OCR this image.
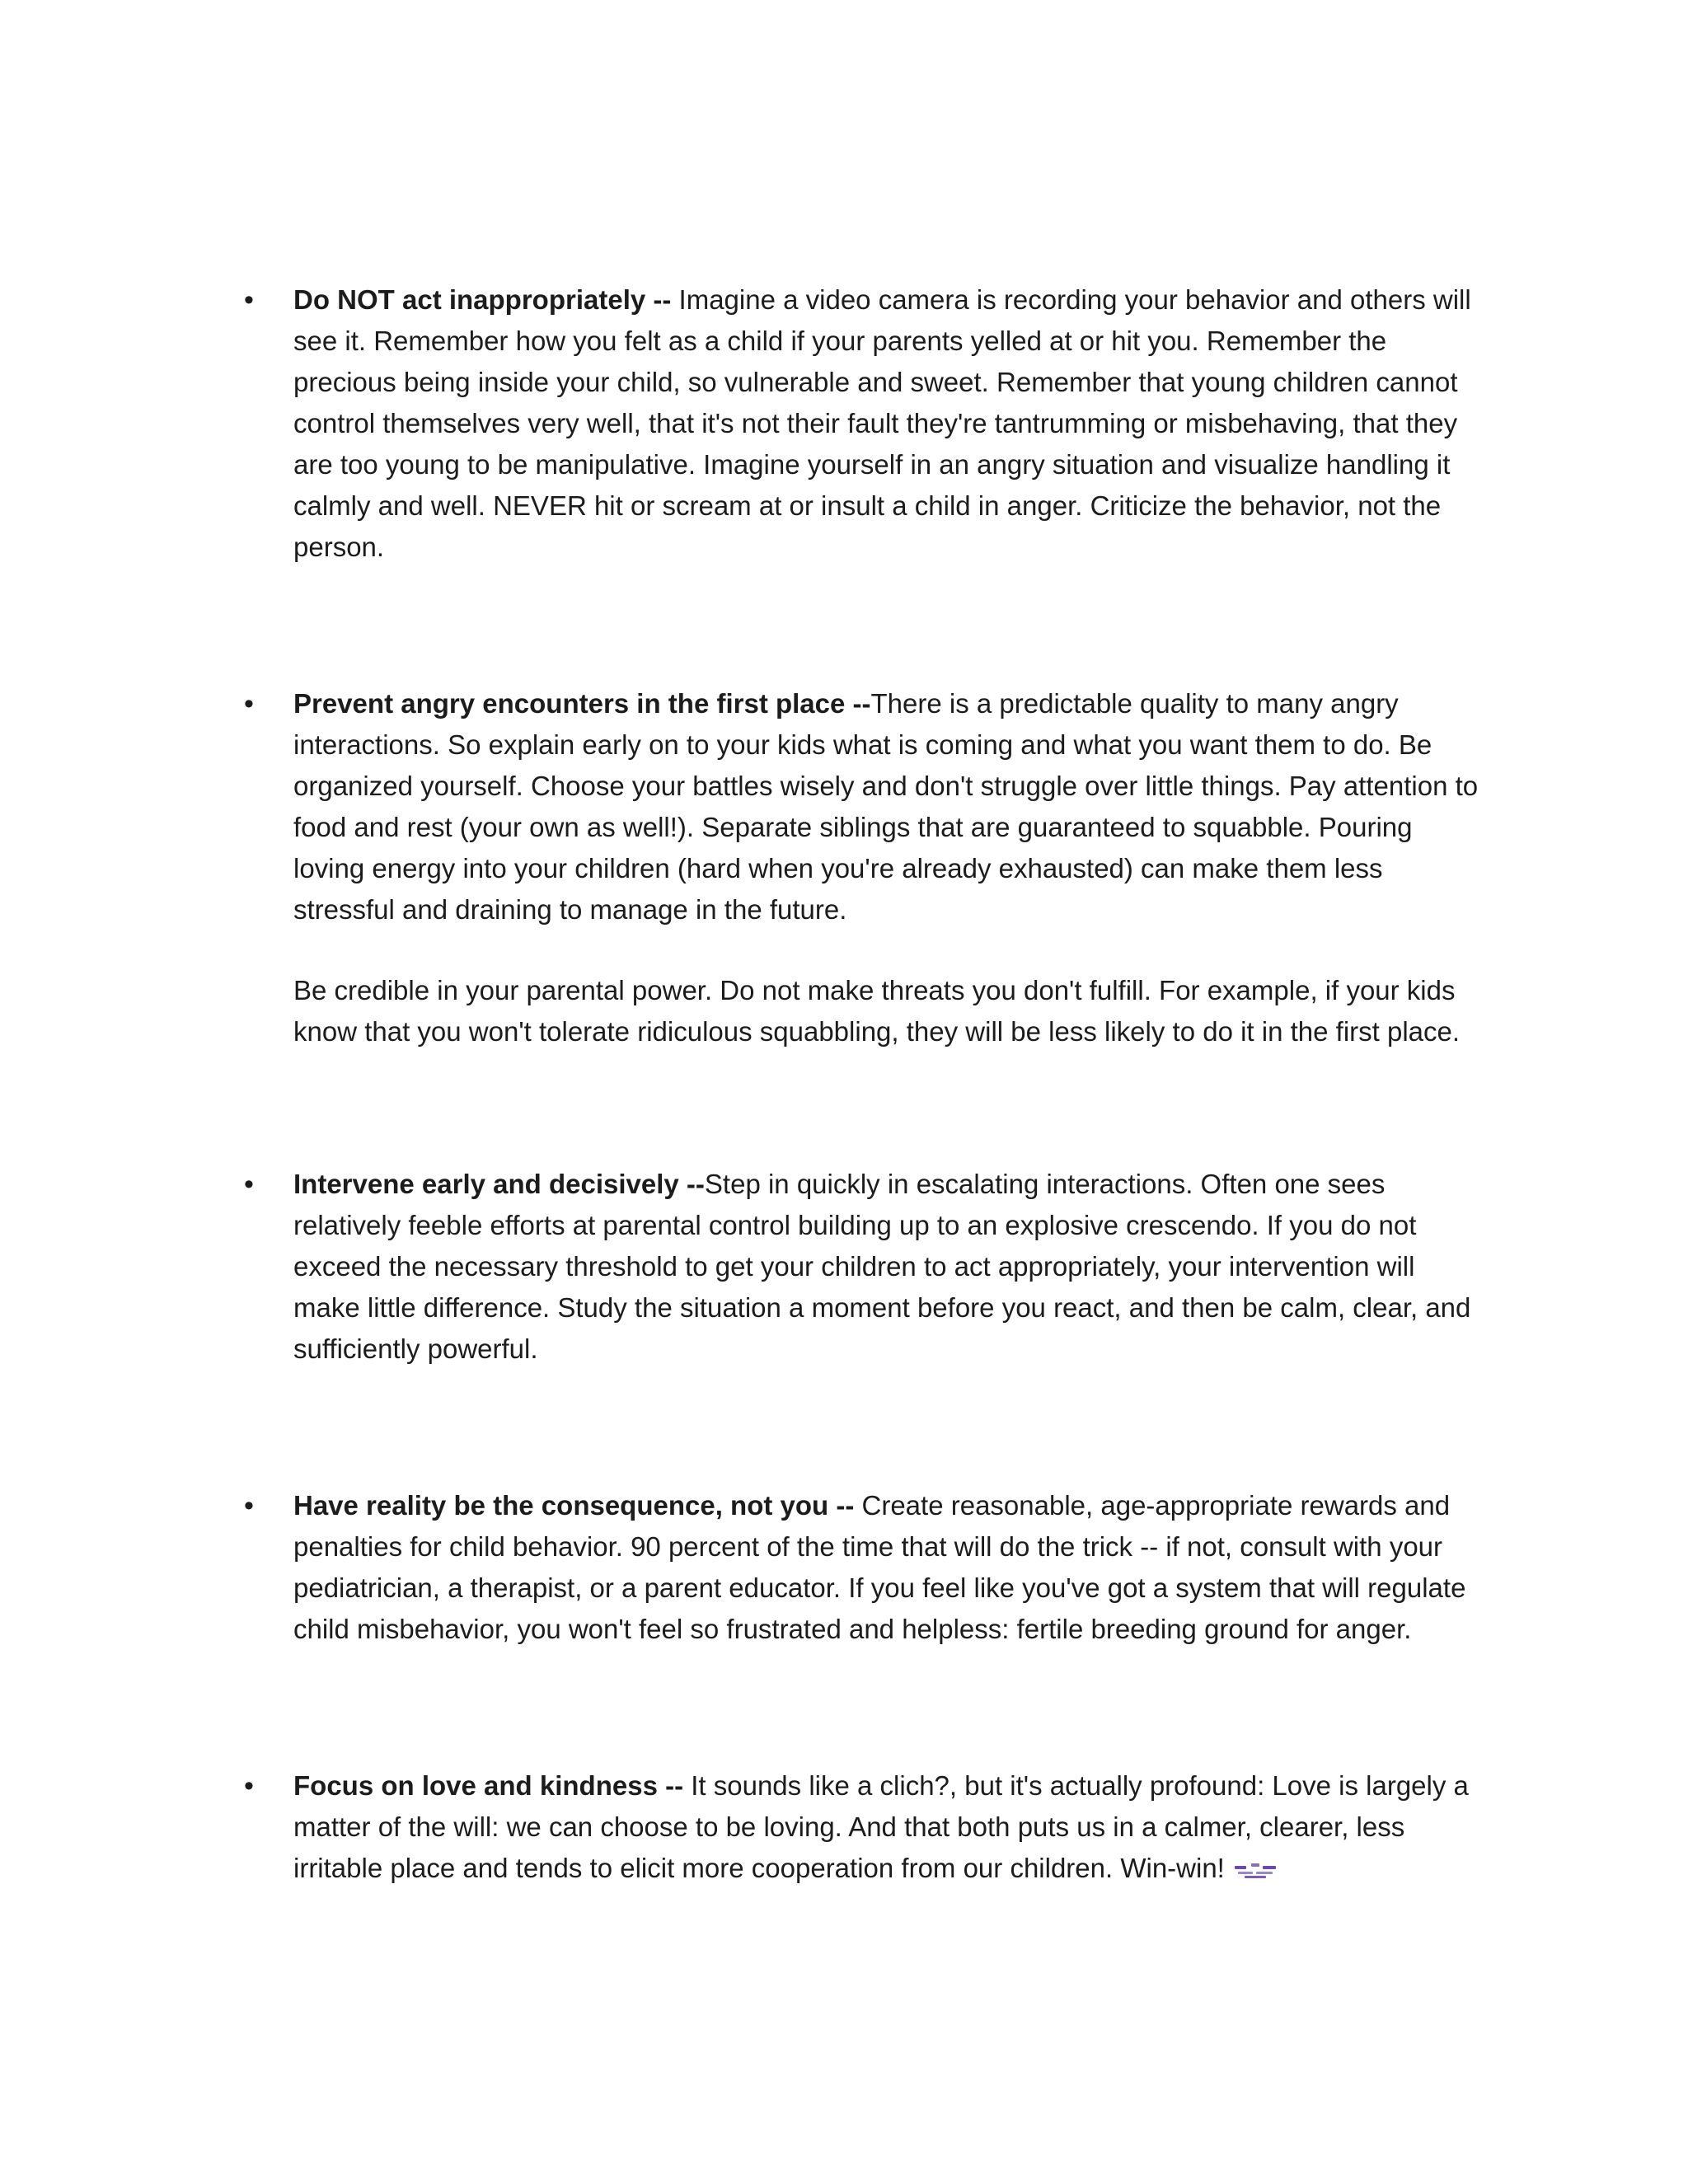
•	Do NOT act inappropriately -- Imagine a video camera is recording your behavior and others will see it. Remember how you felt as a child if your parents yelled at or hit you. Remember the precious being inside your child, so vulnerable and sweet. Remember that young children cannot control themselves very well, that it's not their fault they're tantrumming or misbehaving, that they are too young to be manipulative. Imagine yourself in an angry situation and visualize handling it calmly and well. NEVER hit or scream at or insult a child in anger. Criticize the behavior, not the person.

•	Prevent angry encounters in the first place --There is a predictable quality to many angry interactions. So explain early on to your kids what is coming and what you want them to do. Be organized yourself. Choose your battles wisely and don't struggle over little things. Pay attention to food and rest (your own as well!). Separate siblings that are guaranteed to squabble. Pouring loving energy into your children (hard when you're already exhausted) can make them less stressful and draining to manage in the future.

Be credible in your parental power. Do not make threats you don't fulfill. For example, if your kids know that you won't tolerate ridiculous squabbling, they will be less likely to do it in the first place.

•	Intervene early and decisively --Step in quickly in escalating interactions. Often one sees relatively feeble efforts at parental control building up to an explosive crescendo. If you do not exceed the necessary threshold to get your children to act appropriately, your intervention will make little difference. Study the situation a moment before you react, and then be calm, clear, and sufficiently powerful.

•	Have reality be the consequence, not you -- Create reasonable, age-appropriate rewards and penalties for child behavior. 90 percent of the time that will do the trick -- if not, consult with your pediatrician, a therapist, or a parent educator. If you feel like you've got a system that will regulate child misbehavior, you won't feel so frustrated and helpless: fertile breeding ground for anger.

•	Focus on love and kindness -- It sounds like a clich?, but it's actually profound: Love is largely a matter of the will: we can choose to be loving. And that both puts us in a calmer, clearer, less irritable place and tends to elicit more cooperation from our children. Win-win!
